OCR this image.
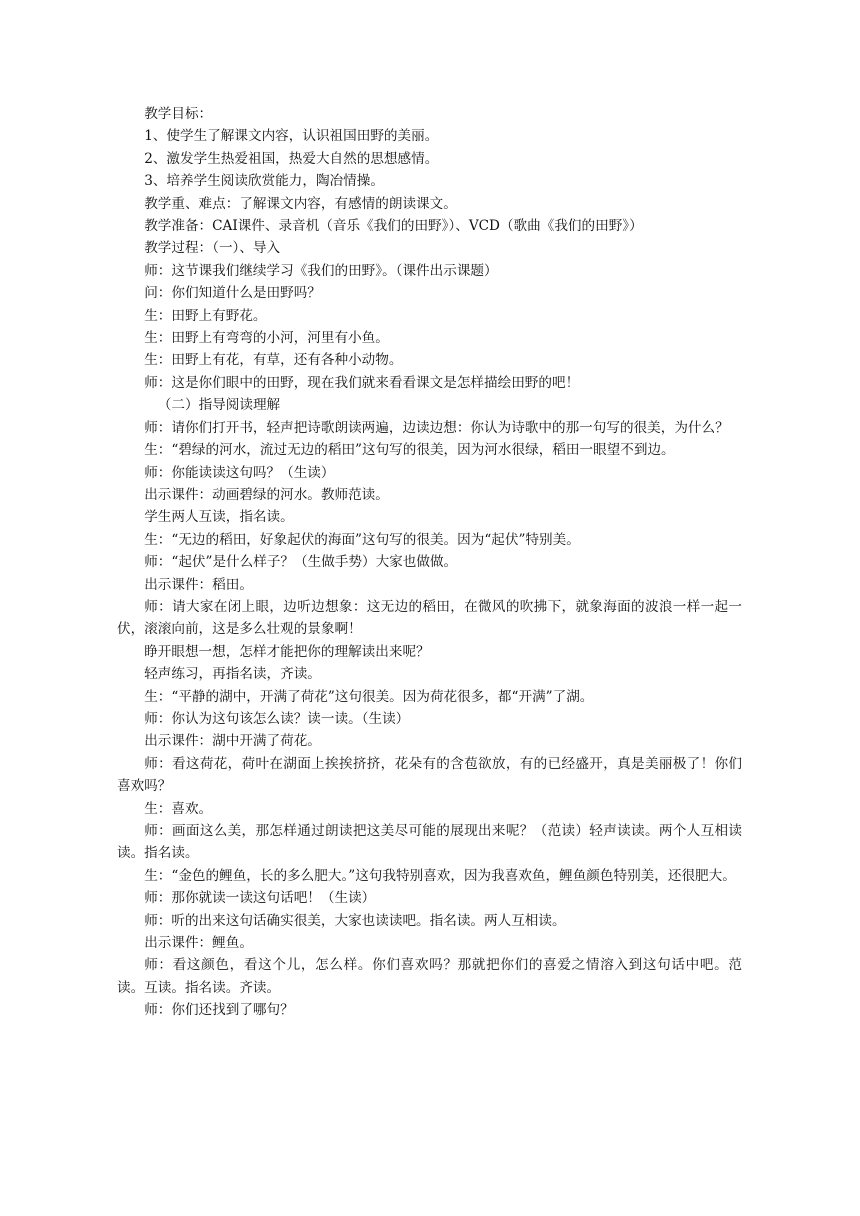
教学目标：

1、使学生了解课文内容，认识祖国田野的美丽。

2、激发学生热爱祖国，热爱大自然的思想感情。

3、培养学生阅读欣赏能力，陶冶情操。

教学重、难点：了解课文内容，有感情的朗读课文。

教学准备：CAI课件、录音机（音乐《我们的田野》）、VCD（歌曲《我们的田野》）

教学过程：（一）、导入

师：这节课我们继续学习《我们的田野》。（课件出示课题）

问：你们知道什么是田野吗？

生：田野上有野花。

生：田野上有弯弯的小河，河里有小鱼。

生：田野上有花，有草，还有各种小动物。

师：这是你们眼中的田野，现在我们就来看看课文是怎样描绘田野的吧！

（二）指导阅读理解

师：请你们打开书，轻声把诗歌朗读两遍，边读边想：你认为诗歌中的那一句写的很美，为什么？

生：“碧绿的河水，流过无边的稻田”这句写的很美，因为河水很绿，稻田一眼望不到边。

师：你能读读这句吗？（生读）

出示课件：动画碧绿的河水。教师范读。

学生两人互读，指名读。

生：“无边的稻田，好象起伏的海面”这句写的很美。因为“起伏”特别美。

师：“起伏”是什么样子？（生做手势）大家也做做。

出示课件：稻田。

师：请大家在闭上眼，边听边想象：这无边的稻田，在微风的吹拂下，就象海面的波浪一样一起一伏，滚滚向前，这是多么壮观的景象啊！

睁开眼想一想，怎样才能把你的理解读出来呢？

轻声练习，再指名读，齐读。

生：“平静的湖中，开满了荷花”这句很美。因为荷花很多，都“开满”了湖。

师：你认为这句该怎么读？读一读。（生读）

出示课件：湖中开满了荷花。

师：看这荷花，荷叶在湖面上挨挨挤挤，花朵有的含苞欲放，有的已经盛开，真是美丽极了！你们喜欢吗？

生：喜欢。

师：画面这么美，那怎样通过朗读把这美尽可能的展现出来呢？（范读）轻声读读。两个人互相读读。指名读。

生：“金色的鲤鱼，长的多么肥大。”这句我特别喜欢，因为我喜欢鱼，鲤鱼颜色特别美，还很肥大。

师：那你就读一读这句话吧！（生读）

师：听的出来这句话确实很美，大家也读读吧。指名读。两人互相读。

出示课件：鲤鱼。

师：看这颜色，看这个儿，怎么样。你们喜欢吗？那就把你们的喜爱之情溶入到这句话中吧。范读。互读。指名读。齐读。

师：你们还找到了哪句？
